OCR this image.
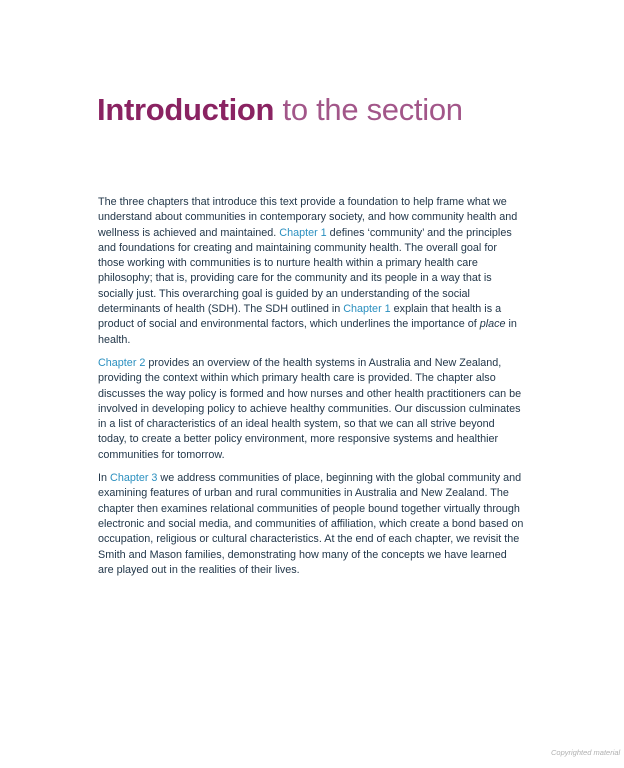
Introduction to the section

The three chapters that introduce this text provide a foundation to help frame what we understand about communities in contemporary society, and how community health and wellness is achieved and maintained. Chapter 1 defines ‘community’ and the principles and foundations for creating and maintaining community health. The overall goal for those working with communities is to nurture health within a primary health care philosophy; that is, providing care for the community and its people in a way that is socially just. This overarching goal is guided by an understanding of the social determinants of health (SDH). The SDH outlined in Chapter 1 explain that health is a product of social and environmental factors, which underlines the importance of place in health.

Chapter 2 provides an overview of the health systems in Australia and New Zealand, providing the context within which primary health care is provided. The chapter also discusses the way policy is formed and how nurses and other health practitioners can be involved in developing policy to achieve healthy communities. Our discussion culminates in a list of characteristics of an ideal health system, so that we can all strive beyond today, to create a better policy environment, more responsive systems and healthier communities for tomorrow.

In Chapter 3 we address communities of place, beginning with the global community and examining features of urban and rural communities in Australia and New Zealand. The chapter then examines relational communities of people bound together virtually through electronic and social media, and communities of affiliation, which create a bond based on occupation, religious or cultural characteristics. At the end of each chapter, we revisit the Smith and Mason families, demonstrating how many of the concepts we have learned are played out in the realities of their lives.

Copyrighted material
